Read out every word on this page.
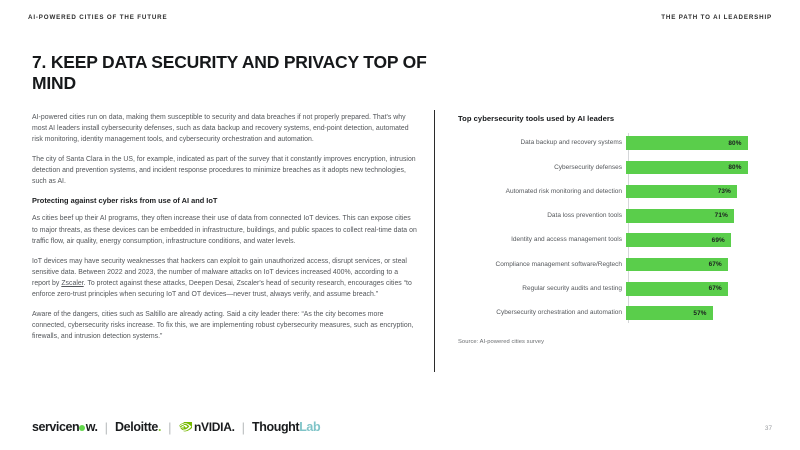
AI-POWERED CITIES OF THE FUTURE	THE PATH TO AI LEADERSHIP
7. KEEP DATA SECURITY AND PRIVACY TOP OF MIND

AI-powered cities run on data, making them susceptible to security and data breaches if not properly prepared. That's why most AI leaders install cybersecurity defenses, such as data backup and recovery systems, end-point detection, automated risk monitoring, identity management tools, and cybersecurity orchestration and automation.

The city of Santa Clara in the US, for example, indicated as part of the survey that it constantly improves encryption, intrusion detection and prevention systems, and incident response procedures to minimize breaches as it adopts new technologies, such as AI.

Protecting against cyber risks from use of AI and IoT

As cities beef up their AI programs, they often increase their use of data from connected IoT devices. This can expose cities to major threats, as these devices can be embedded in infrastructure, buildings, and public spaces to collect real-time data on traffic flow, air quality, energy consumption, infrastructure conditions, and water levels.

IoT devices may have security weaknesses that hackers can exploit to gain unauthorized access, disrupt services, or steal sensitive data. Between 2022 and 2023, the number of malware attacks on IoT devices increased 400%, according to a report by Zscaler. To protect against these attacks, Deepen Desai, Zscaler's head of security research, encourages cities “to enforce zero-trust principles when securing IoT and OT devices—never trust, always verify, and assume breach.”

Aware of the dangers, cities such as Saltillo are already acting. Said a city leader there: “As the city becomes more connected, cybersecurity risks increase. To fix this, we are implementing robust cybersecurity measures, such as encryption, firewalls, and intrusion detection systems.”

Top cybersecurity tools used by AI leaders
Data backup and recovery systems	80%
Cybersecurity defenses	80%
Automated risk monitoring and detection	73%
Data loss prevention tools	71%
Identity and access management tools	69%
Compliance management software/Regtech	67%
Regular security audits and testing	67%
Cybersecurity orchestration and automation	57%
Source: AI-powered cities survey
servicen w. | Deloitte. | nVIDIA. | ThoughtLab	37
